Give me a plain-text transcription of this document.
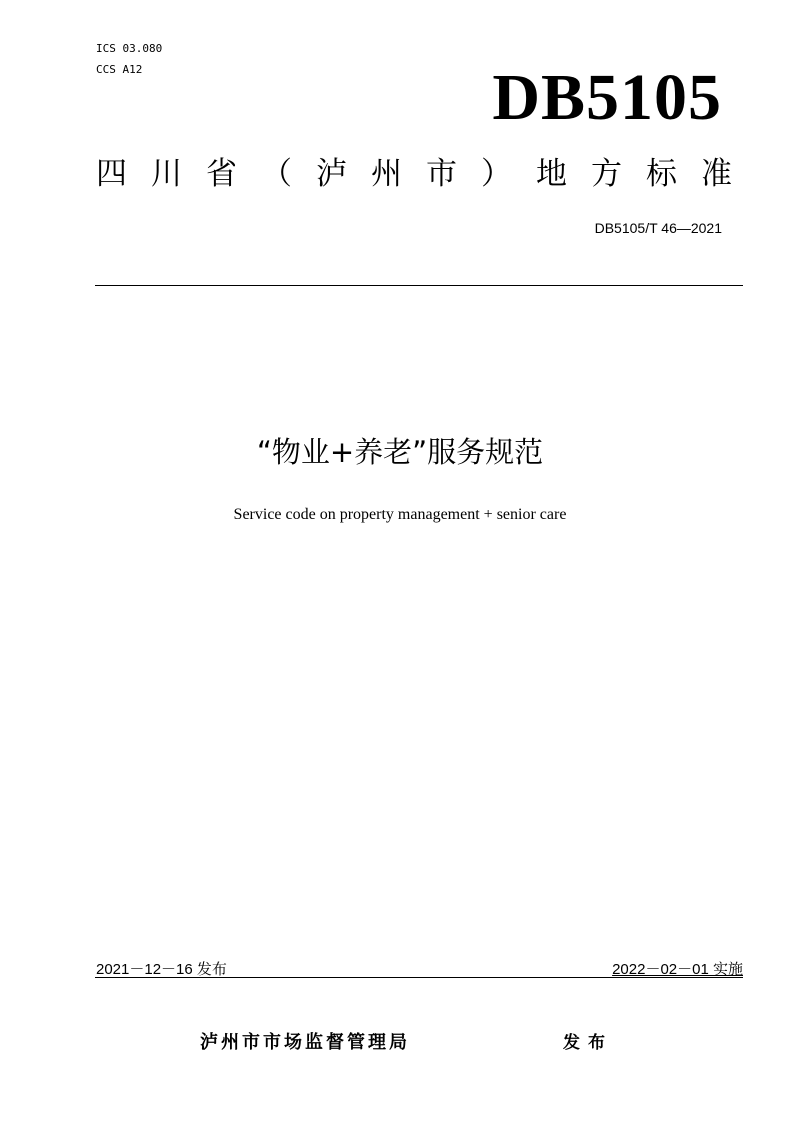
ICS 03.080
CCS A12	DB5105
四 川 省 （ 泸 州 市 ） 地 方 标 准
DB5105/T 46—2021
“物业+养老”服务规范
Service code on property management + senior care
2021－12－16 发布	2022－02－01 实施
泸州市市场监督管理局	发布
